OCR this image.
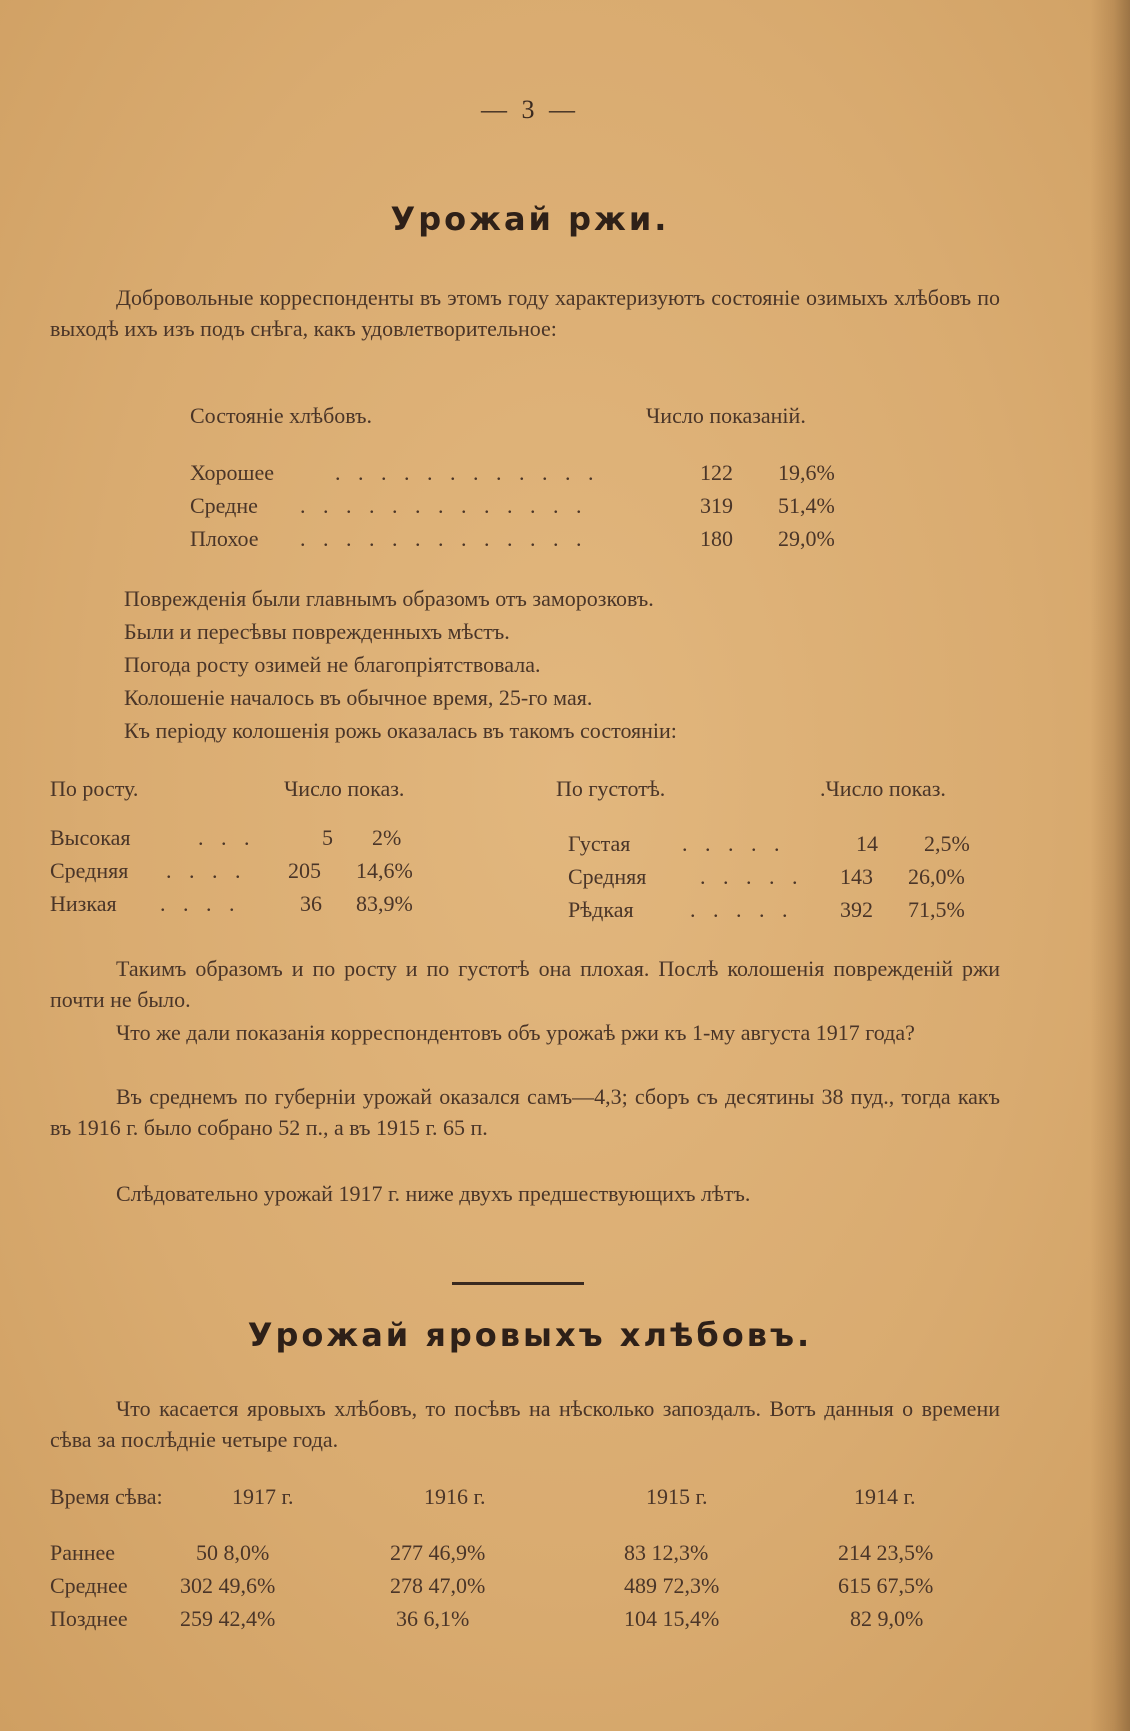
— 3 —
Урожай ржи.
Добровольные корреспонденты въ этомъ году характеризуютъ состояніе озимыхъ хлѣбовъ по выходѣ ихъ изъ подъ снѣга, какъ удовлетворительное:
Состояніе хлѣбовъ.	Число показаній.
Хорошее	. . . . . . . . . . . .	122 19,6%
Средне . . . . . . . . . . . . .	319 51,4%
Плохое . . . . . . . . . . . . .	180 29,0%
Поврежденія были главнымъ образомъ отъ заморозковъ.
Были и пересѣвы поврежденныхъ мѣстъ.
Погода росту озимей не благопріятствовала.
Колошеніе началось въ обычное время, 25-го мая.
Къ періоду колошенія рожь оказалась въ такомъ состояніи:
По росту.	Число показ.	По густотѣ.	.Число показ.
Высокая	. . .	5 2%
Средняя . . . . 205 14,6%
Низкая . . . .	36 83,9%
Густая . . . . .	14 2,5%
Средняя . . . . . 143 26,0%
Рѣдкая	. . . . . 392 71,5%
Такимъ образомъ и по росту и по густотѣ она плохая. Послѣ колошенія поврежденій ржи почти не было.
Что же дали показанія корреспондентовъ объ урожаѣ ржи къ 1-му августа 1917 года?
Въ среднемъ по губерніи урожай оказался самъ—4,3; сборъ съ десятины 38 пуд., тогда какъ въ 1916 г. было собрано 52 п., а въ 1915 г. 65 п.
Слѣдовательно урожай 1917 г. ниже двухъ предшествующихъ лѣтъ.
Урожай яровыхъ хлѣбовъ.
Что касается яровыхъ хлѣбовъ, то посѣвъ на нѣсколько запоздалъ. Вотъ данныя о времени сѣва за послѣдніе четыре года.
Время сѣва:	1917 г.	1916 г.	1915 г.	1914 г.
Раннее	50 8,0%	277 46,9%	83 12,3%	214 23,5%
Среднее 302 49,6%	278 47,0%	489 72,3%	615 67,5%
Позднее 259 42,4%	36 6,1%	104 15,4%	82 9,0%
